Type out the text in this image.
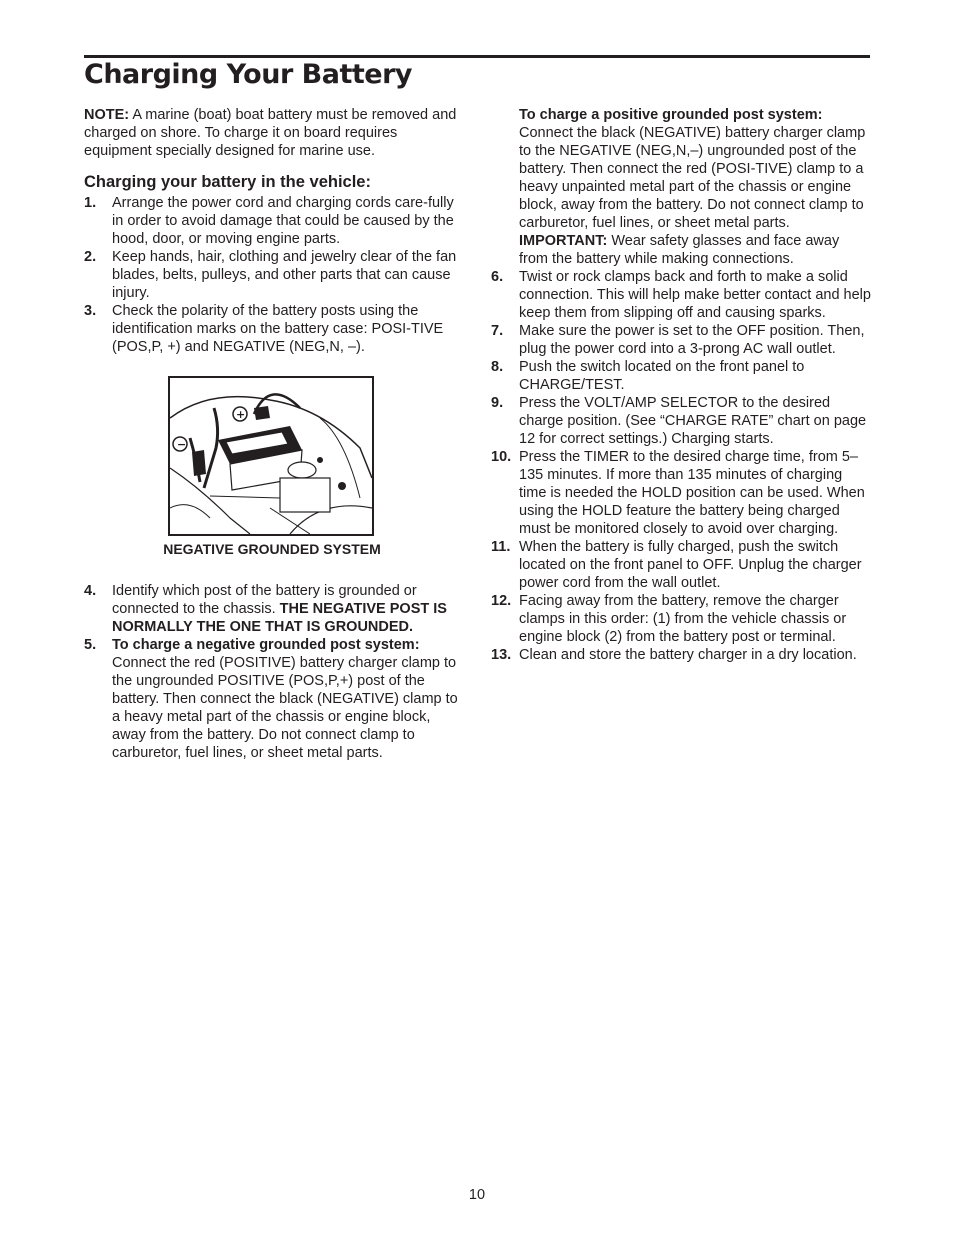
Charging Your Battery

NOTE: A marine (boat) boat battery must be removed and charged on shore. To charge it on board requires equipment specially designed for marine use.

Charging your battery in the vehicle:

1.	Arrange the power cord and charging cords care-fully in order to avoid damage that could be caused by the hood, door, or moving engine parts.
2.	Keep hands, hair, clothing and jewelry clear of the fan blades, belts, pulleys, and other parts that can cause injury.
3.	Check the polarity of the battery posts using the identification marks on the battery case: POSI-TIVE (POS,P, +) and NEGATIVE (NEG,N, –).
+
−

NEGATIVE GROUNDED SYSTEM

4.	Identify which post of the battery is grounded or connected to the chassis. THE NEGATIVE POST IS NORMALLY THE ONE THAT IS GROUNDED.
5.	To charge a negative grounded post system:
Connect the red (POSITIVE) battery charger clamp to the ungrounded POSITIVE (POS,P,+) post of the battery. Then connect the black (NEGATIVE) clamp to a heavy metal part of the chassis or engine block, away from the battery. Do not connect clamp to carburetor, fuel lines, or sheet metal parts.
To charge a positive grounded post system:
Connect the black (NEGATIVE) battery charger clamp to the NEGATIVE (NEG,N,–) ungrounded post of the battery. Then connect the red (POSI-TIVE) clamp to a heavy unpainted metal part of the chassis or engine block, away from the battery. Do not connect clamp to carburetor, fuel lines, or sheet metal parts.
IMPORTANT: Wear safety glasses and face away from the battery while making connections.
6.	Twist or rock clamps back and forth to make a solid connection. This will help make better contact and help keep them from slipping off and causing sparks.
7.	Make sure the power is set to the OFF position. Then, plug the power cord into a 3-prong AC wall outlet.
8.	Push the switch located on the front panel to CHARGE/TEST.
9.	Press the VOLT/AMP SELECTOR to the desired charge position. (See “CHARGE RATE” chart on page 12 for correct settings.) Charging starts.
10. Press the TIMER to the desired charge time, from 5–135 minutes. If more than 135 minutes of charging time is needed the HOLD position can be used. When using the HOLD feature the battery being charged must be monitored closely to avoid over charging.
11. When the battery is fully charged, push the switch located on the front panel to OFF. Unplug the charger power cord from the wall outlet.
12. Facing away from the battery, remove the charger clamps in this order: (1) from the vehicle chassis or engine block (2) from the battery post or terminal.
13. Clean and store the battery charger in a dry location.
10
